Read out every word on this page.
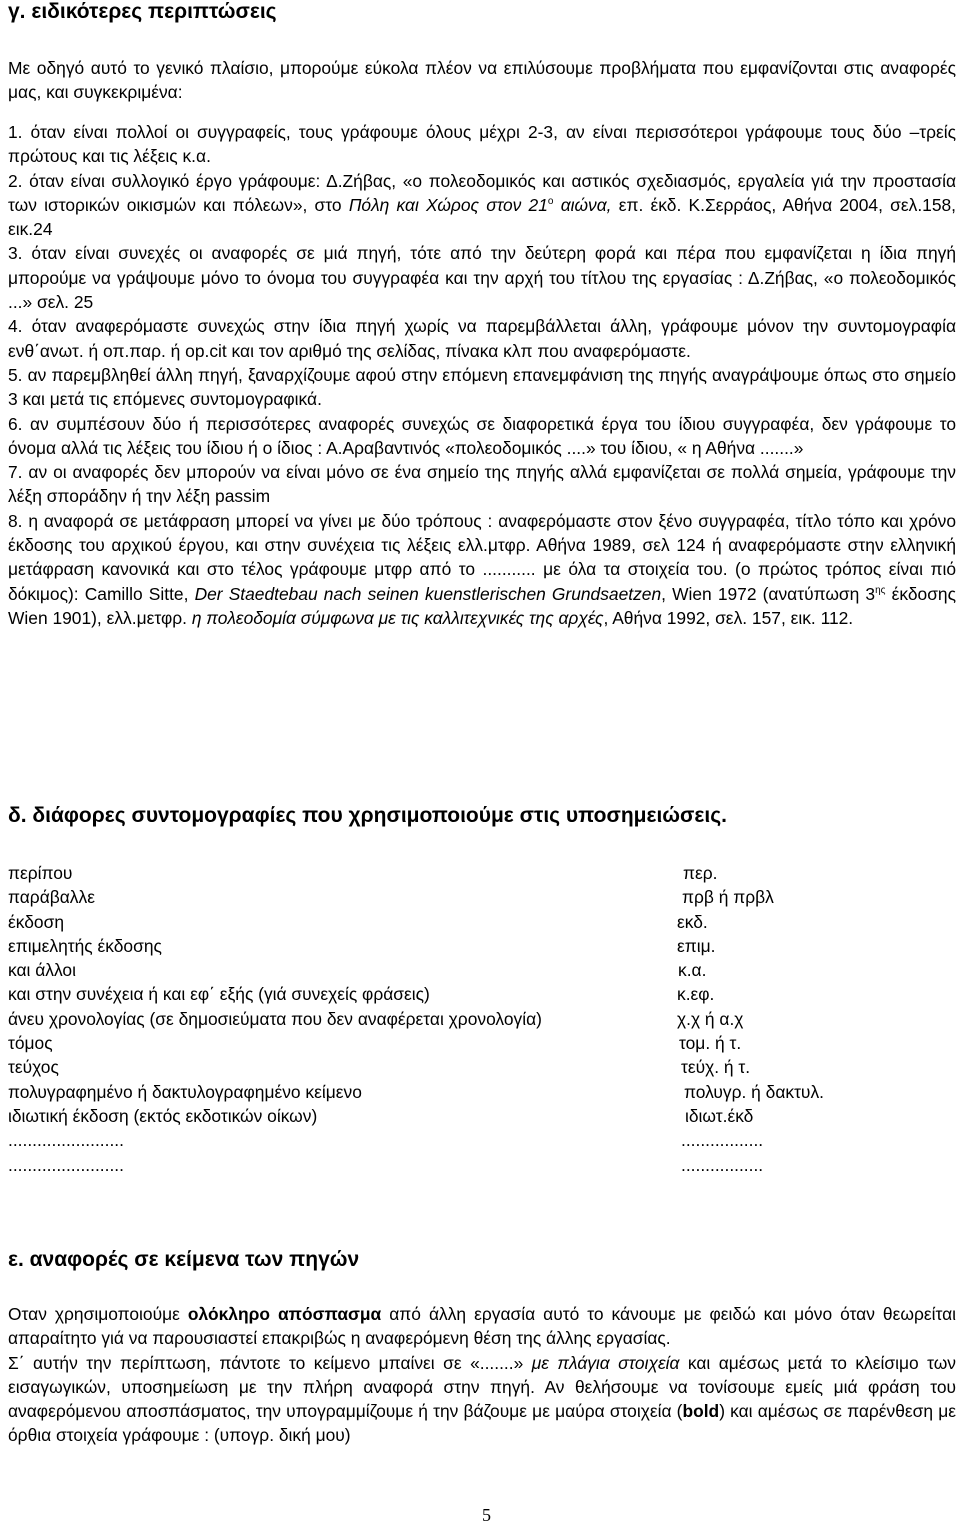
γ. ειδικότερες περιπτώσεις

Με οδηγό αυτό το γενικό πλαίσιο, μπορούμε εύκολα πλέον να επιλύσουμε προβλήματα που εμφανίζονται στις αναφορές μας, και συγκεκριμένα:

1. όταν είναι πολλοί οι συγγραφείς, τους γράφουμε όλους μέχρι 2-3, αν είναι περισσότεροι γράφουμε τους δύο –τρείς πρώτους και τις λέξεις κ.α.
2. όταν είναι συλλογικό έργο γράφουμε: Δ.Ζήβας, «ο πολεοδομικός και αστικός σχεδιασμός, εργαλεία γιά την προστασία των ιστορικών οικισμών και πόλεων», στο Πόλη και Χώρος στον $21^o$ αιώνα, επ. έκδ. Κ.Σερράος, Αθήνα 2004, σελ.158, εικ.24
3. όταν είναι συνεχές οι αναφορές σε μιά πηγή, τότε από την δεύτερη φορά και πέρα που εμφανίζεται η ίδια πηγή μπορούμε να γράψουμε μόνο το όνομα του συγγραφέα και την αρχή του τίτλου της εργασίας : Δ.Ζήβας, «ο πολεοδομικός ...» σελ. 25
4. όταν αναφερόμαστε συνεχώς στην ίδια πηγή χωρίς να παρεμβάλλεται άλλη, γράφουμε μόνον την συντομογραφία ενθ΄ανωτ. ή οπ.παρ. ή op.cit και τον αριθμό της σελίδας, πίνακα κλπ που αναφερόμαστε.
5. αν παρεμβληθεί άλλη πηγή, ξαναρχίζουμε αφού στην επόμενη επανεμφάνιση της πηγής αναγράψουμε όπως στο σημείο 3 και μετά τις επόμενες συντομογραφικά.
6. αν συμπέσουν δύο ή περισσότερες αναφορές συνεχώς σε διαφορετικά έργα του ίδιου συγγραφέα, δεν γράφουμε το όνομα αλλά τις λέξεις του ίδιου ή ο ίδιος : Α.Αραβαντινός «πολεοδομικός ....» του ίδιου, « η Αθήνα .......»
7. αν οι αναφορές δεν μπορούν να είναι μόνο σε ένα σημείο της πηγής αλλά εμφανίζεται σε πολλά σημεία, γράφουμε την λέξη σποράδην ή την λέξη passim
8. η αναφορά σε μετάφραση μπορεί να γίνει με δύο τρόπους : αναφερόμαστε στον ξένο συγγραφέα, τίτλο τόπο και χρόνο έκδοσης του αρχικού έργου, και στην συνέχεια τις λέξεις ελλ.μτφρ. Αθήνα 1989, σελ 124 ή αναφερόμαστε στην ελληνική μετάφραση κανονικά και στο τέλος γράφουμε μτφρ από το ........... με όλα τα στοιχεία του. (ο πρώτος τρόπος είναι πιό δόκιμος): Camillo Sitte, Der Staedtebau nach seinen kuenstlerischen Grundsaetzen, Wien 1972 (ανατύπωση $3^{\eta\varsigma}$ έκδοσης Wien 1901), ελλ.μετφρ. η πολεοδομία σύμφωνα με τις καλλιτεχνικές της αρχές, Αθήνα 1992, σελ. 157, εικ. 112.
δ. διάφορες συντομογραφίες που χρησιμοποιούμε στις υποσημειώσεις.
περίπου	περ.
παράβαλλε	πρβ ή πρβλ
έκδοση	εκδ.
επιμελητής έκδοσης	επιμ.
και άλλοι	κ.α.
και στην συνέχεια ή και εφ΄ εξής (γιά συνεχείς φράσεις)	κ.εφ.
άνευ χρονολογίας (σε δημοσιεύματα που δεν αναφέρεται χρονολογία)	χ.χ ή α.χ
τόμος	τομ. ή τ.
τεύχος	τεύχ. ή τ.
πολυγραφημένο ή δακτυλογραφημένο κείμενο	πολυγρ. ή δακτυλ.
ιδιωτική έκδοση (εκτός εκδοτικών οίκων)	ιδιωτ.έκδ
........................	.................
........................	.................
ε. αναφορές σε κείμενα των πηγών

Οταν χρησιμοποιούμε ολόκληρο απόσπασμα από άλλη εργασία αυτό το κάνουμε με φειδώ και μόνο όταν θεωρείται απαραίτητο γιά να παρουσιαστεί επακριβώς η αναφερόμενη θέση της άλλης εργασίας.

Σ΄ αυτήν την περίπτωση, πάντοτε το κείμενο μπαίνει σε «.......» με πλάγια στοιχεία και αμέσως μετά το κλείσιμο των εισαγωγικών, υποσημείωση με την πλήρη αναφορά στην πηγή. Αν θελήσουμε να τονίσουμε εμείς μιά φράση του αναφερόμενου αποσπάσματος, την υπογραμμίζουμε ή την βάζουμε με μαύρα στοιχεία (bold) και αμέσως σε παρένθεση με όρθια στοιχεία γράφουμε : (υπογρ. δική μου)

5
